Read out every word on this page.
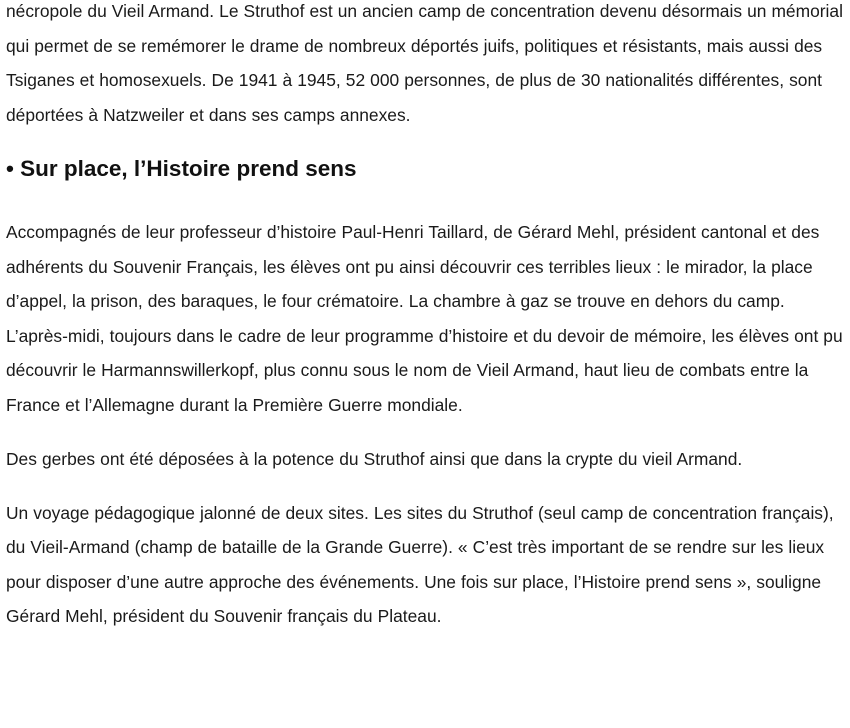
nécropole du Vieil Armand. Le Struthof est un ancien camp de concentration devenu désormais un mémorial qui permet de se remémorer le drame de nombreux déportés juifs, politiques et résistants, mais aussi des Tsiganes et homosexuels. De 1941 à 1945, 52 000 personnes, de plus de 30 nationalités différentes, sont déportées à Natzweiler et dans ses camps annexes.

• Sur place, l’Histoire prend sens

Accompagnés de leur professeur d’histoire Paul-Henri Taillard, de Gérard Mehl, président cantonal et des adhérents du Souvenir Français, les élèves ont pu ainsi découvrir ces terribles lieux : le mirador, la place d’appel, la prison, des baraques, le four crématoire. La chambre à gaz se trouve en dehors du camp. L’après-midi, toujours dans le cadre de leur programme d’histoire et du devoir de mémoire, les élèves ont pu découvrir le Harmannswillerkopf, plus connu sous le nom de Vieil Armand, haut lieu de combats entre la France et l’Allemagne durant la Première Guerre mondiale.

Des gerbes ont été déposées à la potence du Struthof ainsi que dans la crypte du vieil Armand.

Un voyage pédagogique jalonné de deux sites. Les sites du Struthof (seul camp de concentration français), du Vieil-Armand (champ de bataille de la Grande Guerre). « C’est très important de se rendre sur les lieux pour disposer d’une autre approche des événements. Une fois sur place, l’Histoire prend sens », souligne Gérard Mehl, président du Souvenir français du Plateau.
